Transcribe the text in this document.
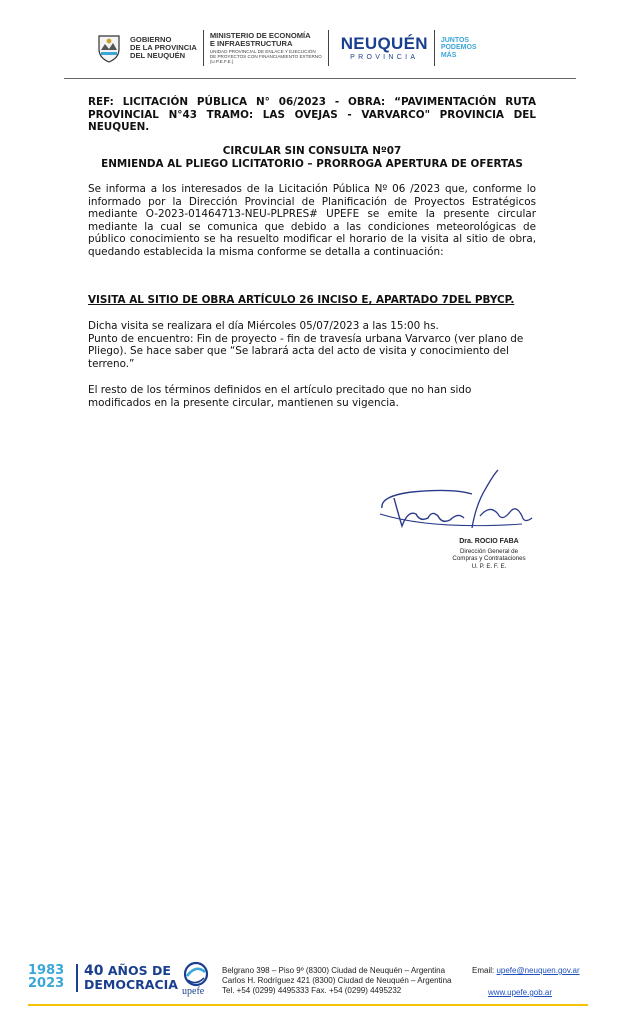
GOBIERNO
DE LA PROVINCIA
DEL NEUQUÉN
MINISTERIO DE ECONOMÍA
E INFRAESTRUCTURA
UNIDAD PROVINCIAL DE ENLACE Y EJECUCIÓN
DE PROYECTOS CON FINANCIAMIENTO EXTERNO
(U.P.E.F.E.)
NEUQUÉN
PROVINCIA
JUNTOS
PODEMOS
MÁS
REF: LICITACIÓN PÚBLICA N° 06/2023 - OBRA: “PAVIMENTACIÓN RUTA PROVINCIAL N°43 TRAMO: LAS OVEJAS - VARVARCO" PROVINCIA DEL NEUQUEN.
CIRCULAR SIN CONSULTA Nº07
ENMIENDA AL PLIEGO LICITATORIO – PRORROGA APERTURA DE OFERTAS

Se informa a los interesados de la Licitación Pública Nº 06 /2023 que, conforme lo informado por la Dirección Provincial de Planificación de Proyectos Estratégicos mediante O-2023-01464713-NEU-PLPRES# UPEFE se emite la presente circular mediante la cual se comunica que debido a las condiciones meteorológicas de público conocimiento se ha resuelto modificar el horario de la visita al sitio de obra, quedando establecida la misma conforme se detalla a continuación:

VISITA AL SITIO DE OBRA ARTÍCULO 26 INCISO E, APARTADO 7DEL PBYCP.

Dicha visita se realizara el día Miércoles 05/07/2023 a las 15:00 hs.

Punto de encuentro: Fin de proyecto - fin de travesía urbana Varvarco (ver plano de Pliego). Se hace saber que “Se labrará acta del acto de visita y conocimiento del terreno.”

El resto de los términos definidos en el artículo precitado que no han sido modificados en la presente circular, mantienen su vigencia.

Dra. ROCIO FABA
Dirección General de
Compras y Contrataciones
U. P. E. F. E.
1983
2023
40 AÑOS DE
DEMOCRACIA upefe
Belgrano 398 – Piso 9º (8300) Ciudad de Neuquén – Argentina
Carlos H. Rodríguez 421 (8300) Ciudad de Neuquén – Argentina
Tel. +54 (0299) 4495333 Fax. +54 (0299) 4495232
Email: upefe@neuquen.gov.ar
www.upefe.gob.ar
